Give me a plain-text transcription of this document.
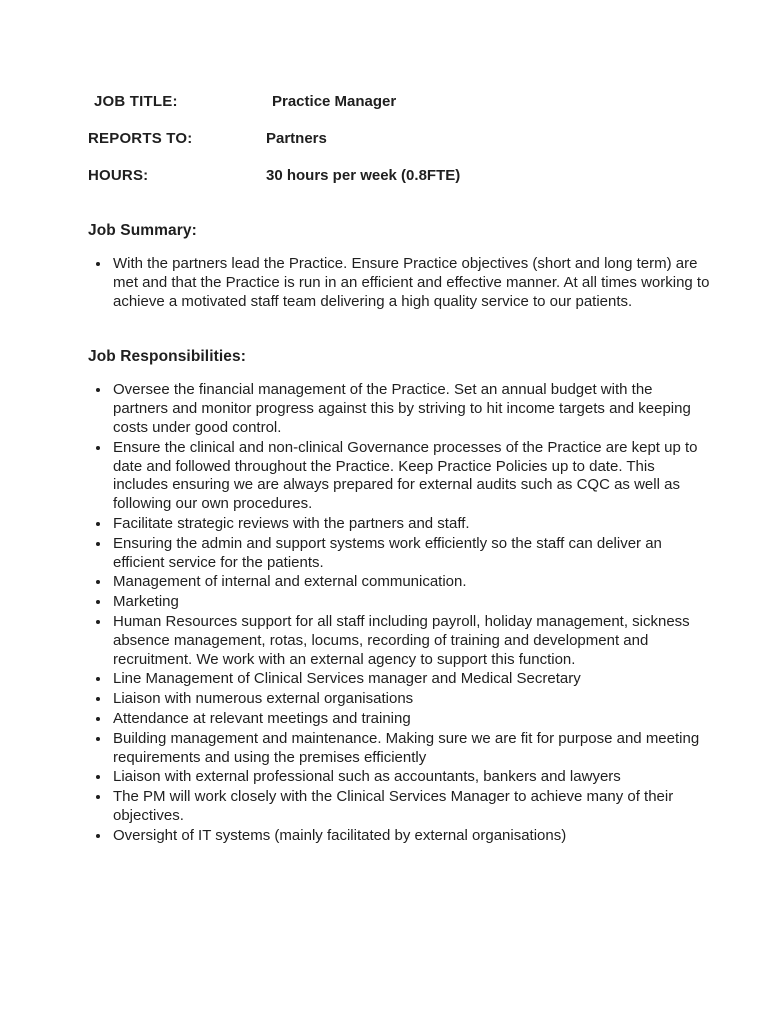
JOB TITLE:	Practice Manager
REPORTS TO:	Partners
HOURS:	30 hours per week (0.8FTE)
Job Summary:
• With the partners lead the Practice. Ensure Practice objectives (short and long term) are met and that the Practice is run in an efficient and effective manner. At all times working to achieve a motivated staff team delivering a high quality service to our patients.
Job Responsibilities:
• Oversee the financial management of the Practice. Set an annual budget with the partners and monitor progress against this by striving to hit income targets and keeping costs under good control.
• Ensure the clinical and non-clinical Governance processes of the Practice are kept up to date and followed throughout the Practice. Keep Practice Policies up to date. This includes ensuring we are always prepared for external audits such as CQC as well as following our own procedures.
• Facilitate strategic reviews with the partners and staff.
• Ensuring the admin and support systems work efficiently so the staff can deliver an efficient service for the patients.
• Management of internal and external communication.
• Marketing
• Human Resources support for all staff including payroll, holiday management, sickness absence management, rotas, locums, recording of training and development and recruitment. We work with an external agency to support this function.
• Line Management of Clinical Services manager and Medical Secretary
• Liaison with numerous external organisations
• Attendance at relevant meetings and training
• Building management and maintenance. Making sure we are fit for purpose and meeting requirements and using the premises efficiently
• Liaison with external professional such as accountants, bankers and lawyers
• The PM will work closely with the Clinical Services Manager to achieve many of their objectives.
• Oversight of IT systems (mainly facilitated by external organisations)
